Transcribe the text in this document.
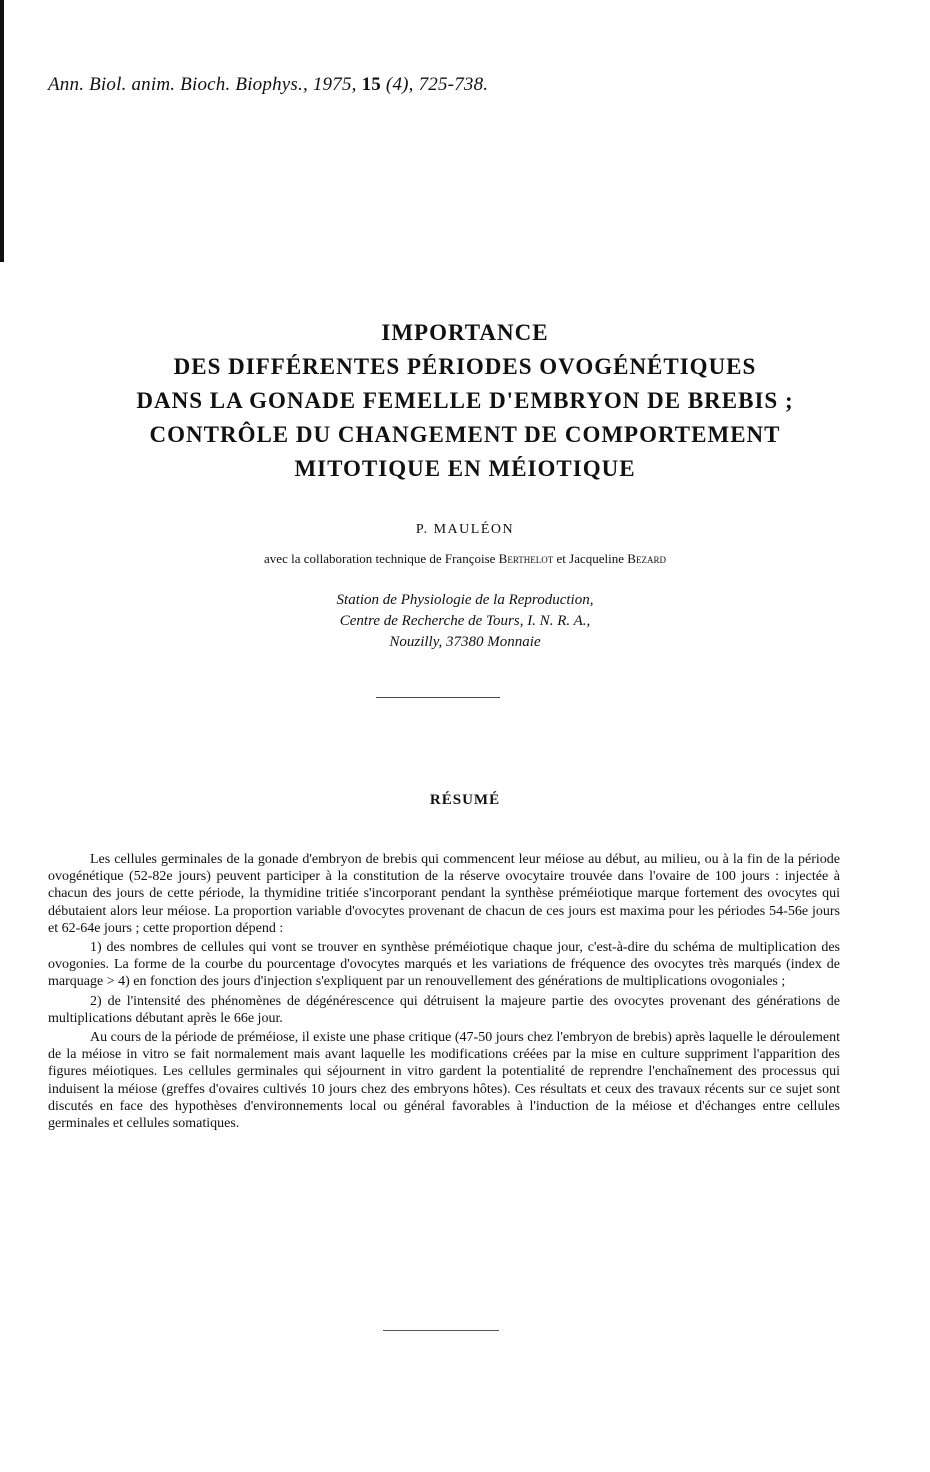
Ann. Biol. anim. Bioch. Biophys., 1975, 15 (4), 725-738.
IMPORTANCE
DES DIFFÉRENTES PÉRIODES OVOGÉNÉTIQUES
DANS LA GONADE FEMELLE D'EMBRYON DE BREBIS ;
CONTRÔLE DU CHANGEMENT DE COMPORTEMENT
MITOTIQUE EN MÉIOTIQUE
P. MAULÉON
avec la collaboration technique de Françoise Berthelot et Jacqueline Bezard
Station de Physiologie de la Reproduction,
Centre de Recherche de Tours, I. N. R. A.,
Nouzilly, 37380 Monnaie
RÉSUMÉ

Les cellules germinales de la gonade d'embryon de brebis qui commencent leur méiose au début, au milieu, ou à la fin de la période ovogénétique (52-82e jours) peuvent participer à la constitution de la réserve ovocytaire trouvée dans l'ovaire de 100 jours : injectée à chacun des jours de cette période, la thymidine tritiée s'incorporant pendant la synthèse préméiotique marque fortement des ovocytes qui débutaient alors leur méiose. La proportion variable d'ovocytes provenant de chacun de ces jours est maxima pour les périodes 54-56e jours et 62-64e jours ; cette proportion dépend :

1) des nombres de cellules qui vont se trouver en synthèse préméiotique chaque jour, c'est-à-dire du schéma de multiplication des ovogonies. La forme de la courbe du pourcentage d'ovocytes marqués et les variations de fréquence des ovocytes très marqués (index de marquage > 4) en fonction des jours d'injection s'expliquent par un renouvellement des générations de multiplications ovogoniales ;

2) de l'intensité des phénomènes de dégénérescence qui détruisent la majeure partie des ovocytes provenant des générations de multiplications débutant après le 66e jour.

Au cours de la période de préméiose, il existe une phase critique (47-50 jours chez l'embryon de brebis) après laquelle le déroulement de la méiose in vitro se fait normalement mais avant laquelle les modifications créées par la mise en culture suppriment l'apparition des figures méiotiques. Les cellules germinales qui séjournent in vitro gardent la potentialité de reprendre l'enchaînement des processus qui induisent la méiose (greffes d'ovaires cultivés 10 jours chez des embryons hôtes). Ces résultats et ceux des travaux récents sur ce sujet sont discutés en face des hypothèses d'environnements local ou général favorables à l'induction de la méiose et d'échanges entre cellules germinales et cellules somatiques.
